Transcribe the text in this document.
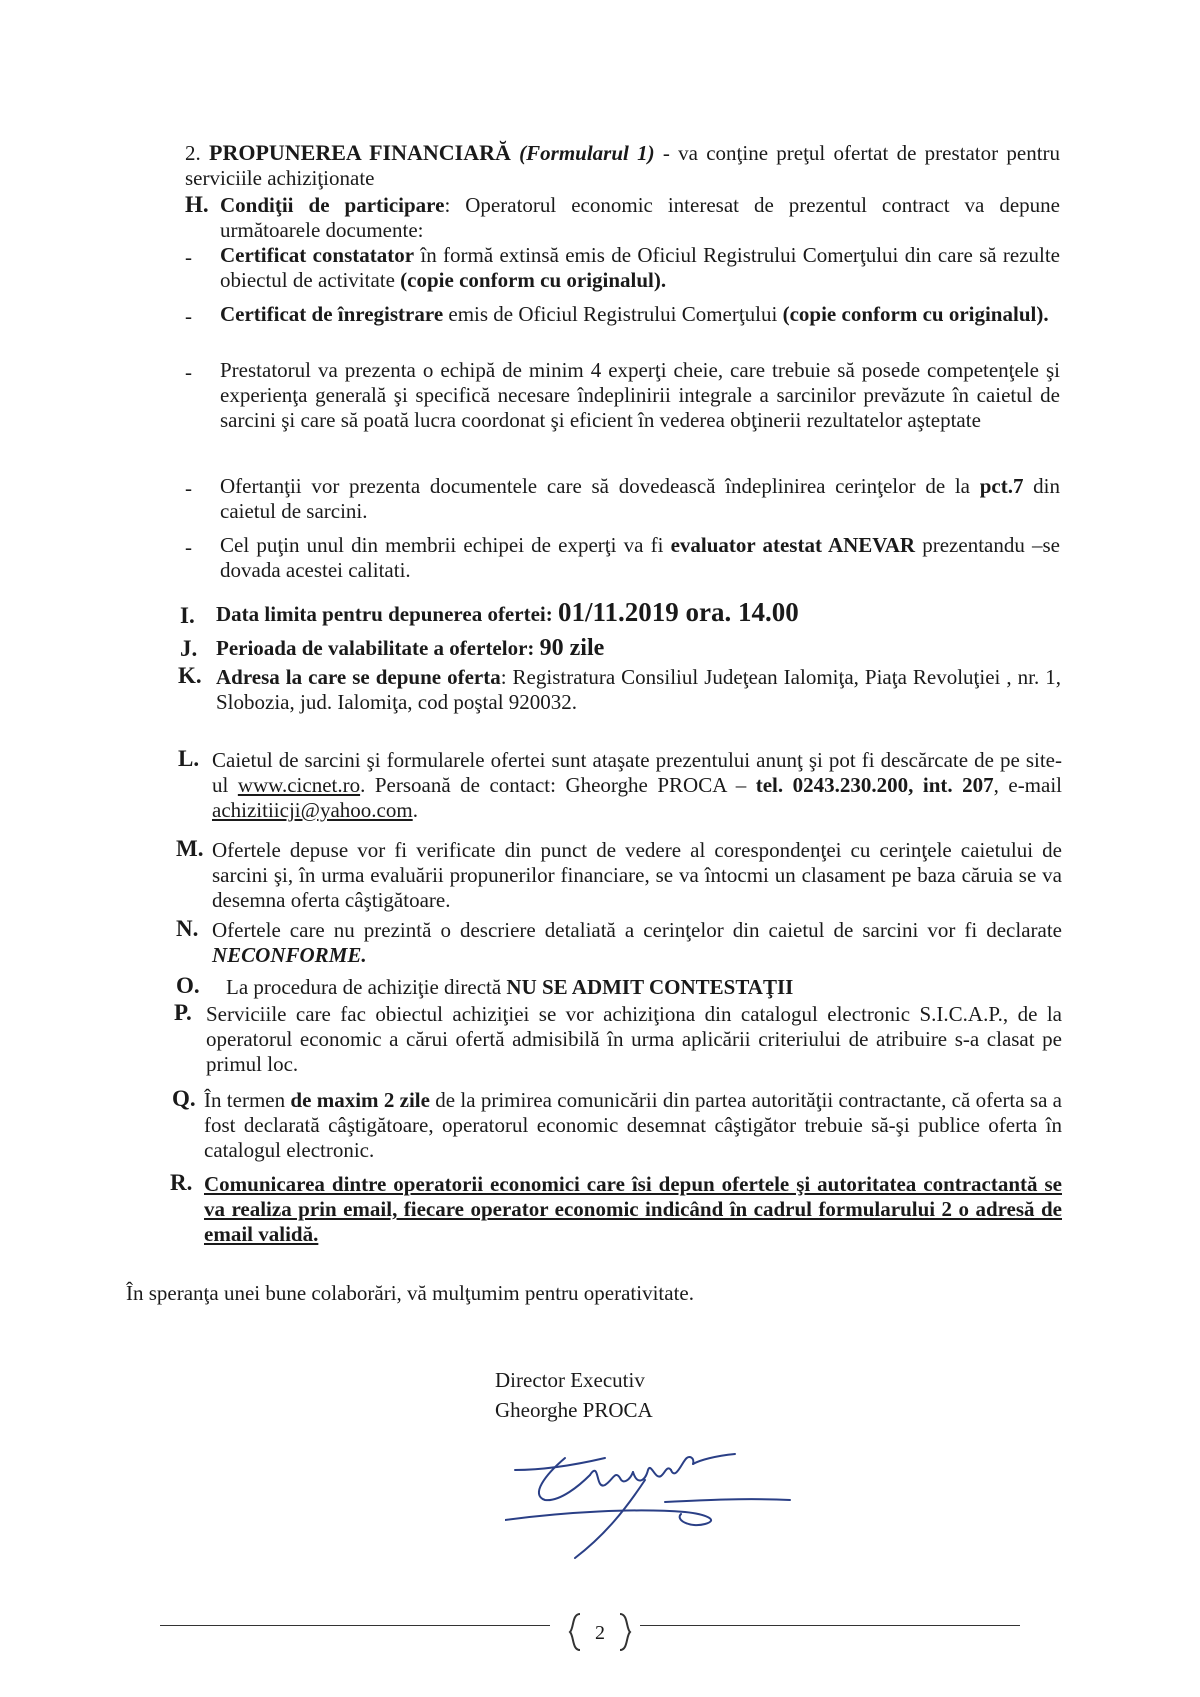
2. PROPUNEREA FINANCIARĂ (Formularul 1) - va conţine preţul ofertat de prestator pentru serviciile achiziţionate
H. Condiţii de participare: Operatorul economic interesat de prezentul contract va depune următoarele documente:
- Certificat constatator în formă extinsă emis de Oficiul Registrului Comerţului din care să rezulte obiectul de activitate (copie conform cu originalul).
- Certificat de înregistrare emis de Oficiul Registrului Comerţului (copie conform cu originalul).
- Prestatorul va prezenta o echipă de minim 4 experţi cheie, care trebuie să posede competenţele şi experienţa generală şi specifică necesare îndeplinirii integrale a sarcinilor prevăzute în caietul de sarcini şi care să poată lucra coordonat şi eficient în vederea obţinerii rezultatelor aşteptate
- Ofertanţii vor prezenta documentele care să dovedească îndeplinirea cerinţelor de la pct.7 din caietul de sarcini.
- Cel puţin unul din membrii echipei de experţi va fi evaluator atestat ANEVAR prezentandu –se dovada acestei calitati.
I. Data limita pentru depunerea ofertei: 01/11.2019 ora. 14.00
J. Perioada de valabilitate a ofertelor: 90 zile
K. Adresa la care se depune oferta: Registratura Consiliul Judeţean Ialomiţa, Piaţa Revoluţiei , nr. 1, Slobozia, jud. Ialomiţa, cod poştal 920032.
L. Caietul de sarcini şi formularele ofertei sunt ataşate prezentului anunţ şi pot fi descărcate de pe site-ul www.cicnet.ro. Persoană de contact: Gheorghe PROCA – tel. 0243.230.200, int. 207, e-mail achizitiicji@yahoo.com.
M. Ofertele depuse vor fi verificate din punct de vedere al corespondenţei cu cerinţele caietului de sarcini şi, în urma evaluării propunerilor financiare, se va întocmi un clasament pe baza căruia se va desemna oferta câştigătoare.
N. Ofertele care nu prezintă o descriere detaliată a cerinţelor din caietul de sarcini vor fi declarate NECONFORME.
O. La procedura de achiziţie directă NU SE ADMIT CONTESTAŢII
P. Serviciile care fac obiectul achiziţiei se vor achiziţiona din catalogul electronic S.I.C.A.P., de la operatorul economic a cărui ofertă admisibilă în urma aplicării criteriului de atribuire s-a clasat pe primul loc.
Q. În termen de maxim 2 zile de la primirea comunicării din partea autorităţii contractante, că oferta sa a fost declarată câştigătoare, operatorul economic desemnat câştigător trebuie să-şi publice oferta în catalogul electronic.
R. Comunicarea dintre operatorii economici care îsi depun ofertele şi autoritatea contractantă se va realiza prin email, fiecare operator economic indicând în cadrul formularului 2 o adresă de email validă.
În speranţa unei bune colaborări, vă mulţumim pentru operativitate.
Director Executiv
Gheorghe PROCA
2
